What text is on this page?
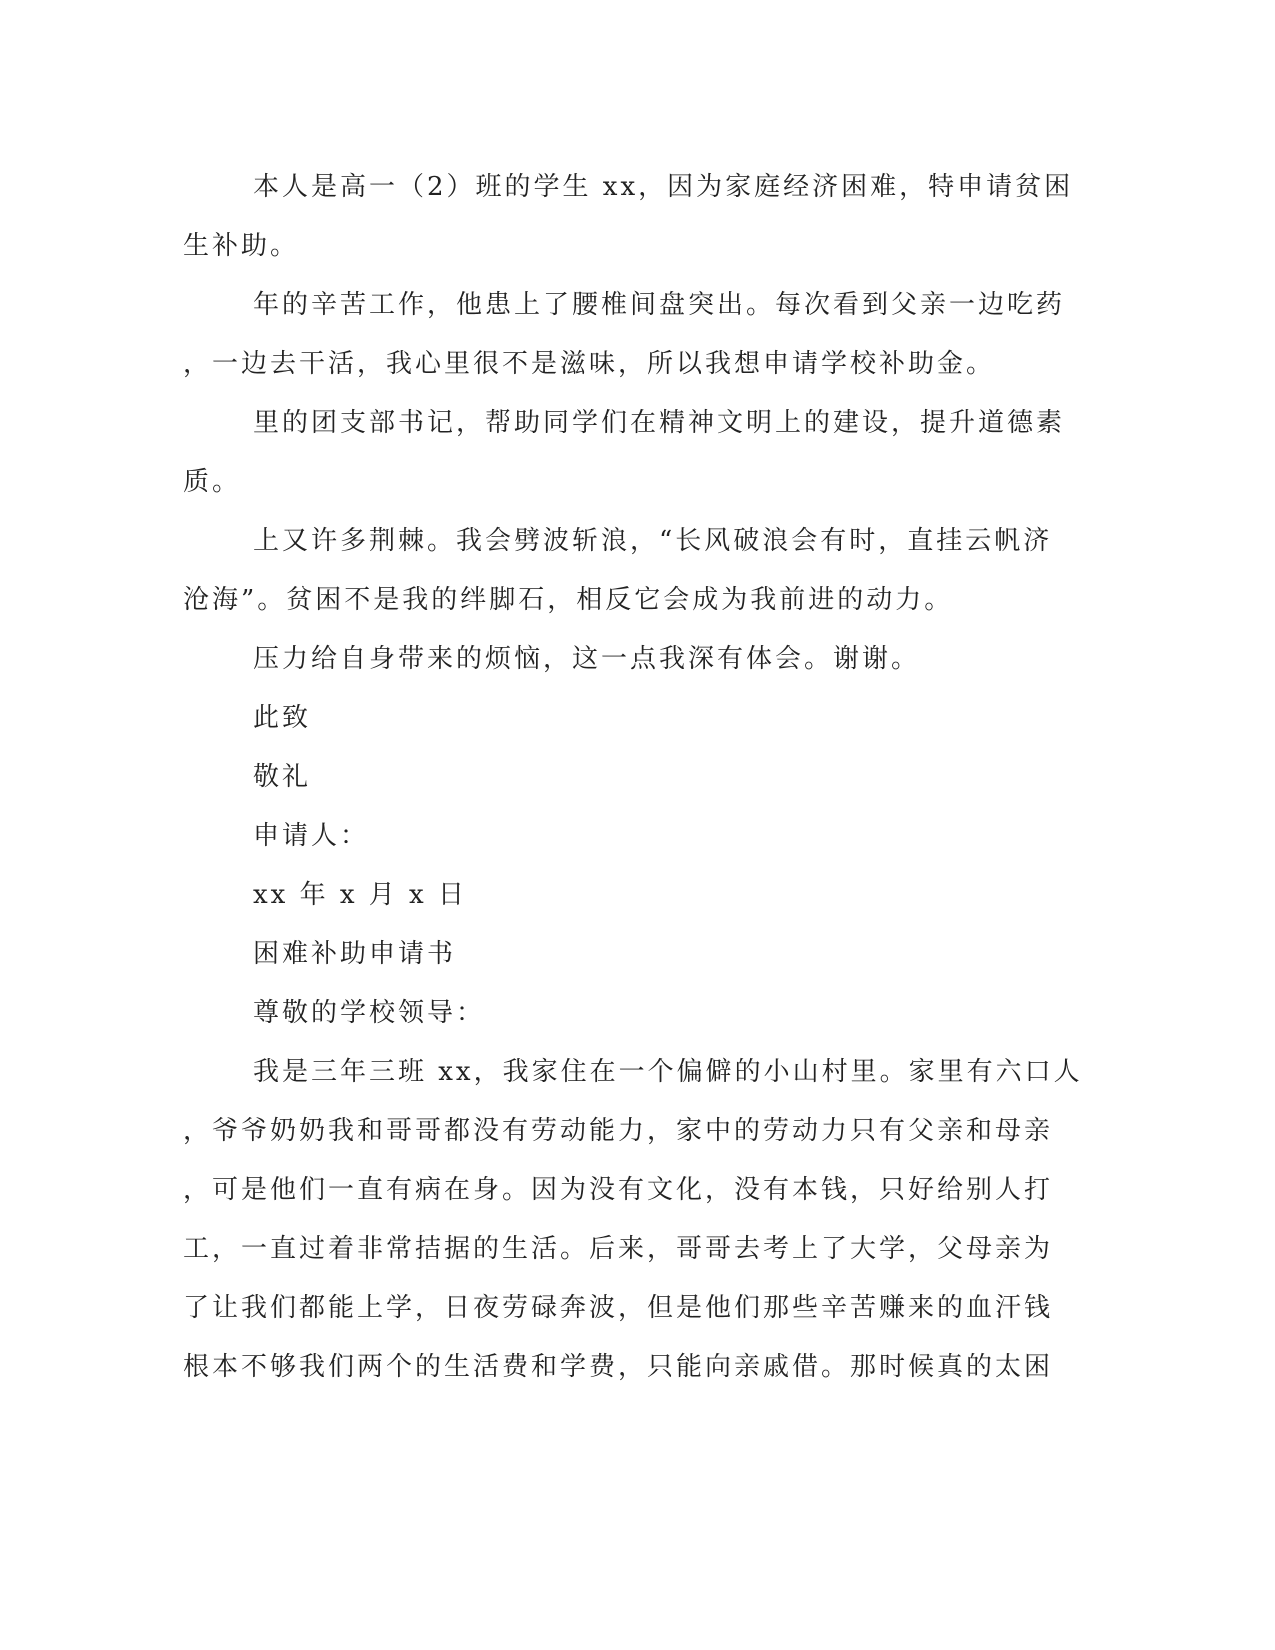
本人是高一（2）班的学生 xx，因为家庭经济困难，特申请贫困
生补助。
年的辛苦工作，他患上了腰椎间盘突出。每次看到父亲一边吃药
，一边去干活，我心里很不是滋味，所以我想申请学校补助金。
里的团支部书记，帮助同学们在精神文明上的建设，提升道德素
质。
上又许多荆棘。我会劈波斩浪，“长风破浪会有时，直挂云帆济
沧海”。贫困不是我的绊脚石，相反它会成为我前进的动力。
压力给自身带来的烦恼，这一点我深有体会。谢谢。
此致
敬礼
申请人：
xx 年 x 月 x 日
困难补助申请书
尊敬的学校领导：
我是三年三班 xx，我家住在一个偏僻的小山村里。家里有六口人
，爷爷奶奶我和哥哥都没有劳动能力，家中的劳动力只有父亲和母亲
，可是他们一直有病在身。因为没有文化，没有本钱，只好给别人打
工，一直过着非常拮据的生活。后来，哥哥去考上了大学，父母亲为
了让我们都能上学，日夜劳碌奔波，但是他们那些辛苦赚来的血汗钱
根本不够我们两个的生活费和学费，只能向亲戚借。那时候真的太困
